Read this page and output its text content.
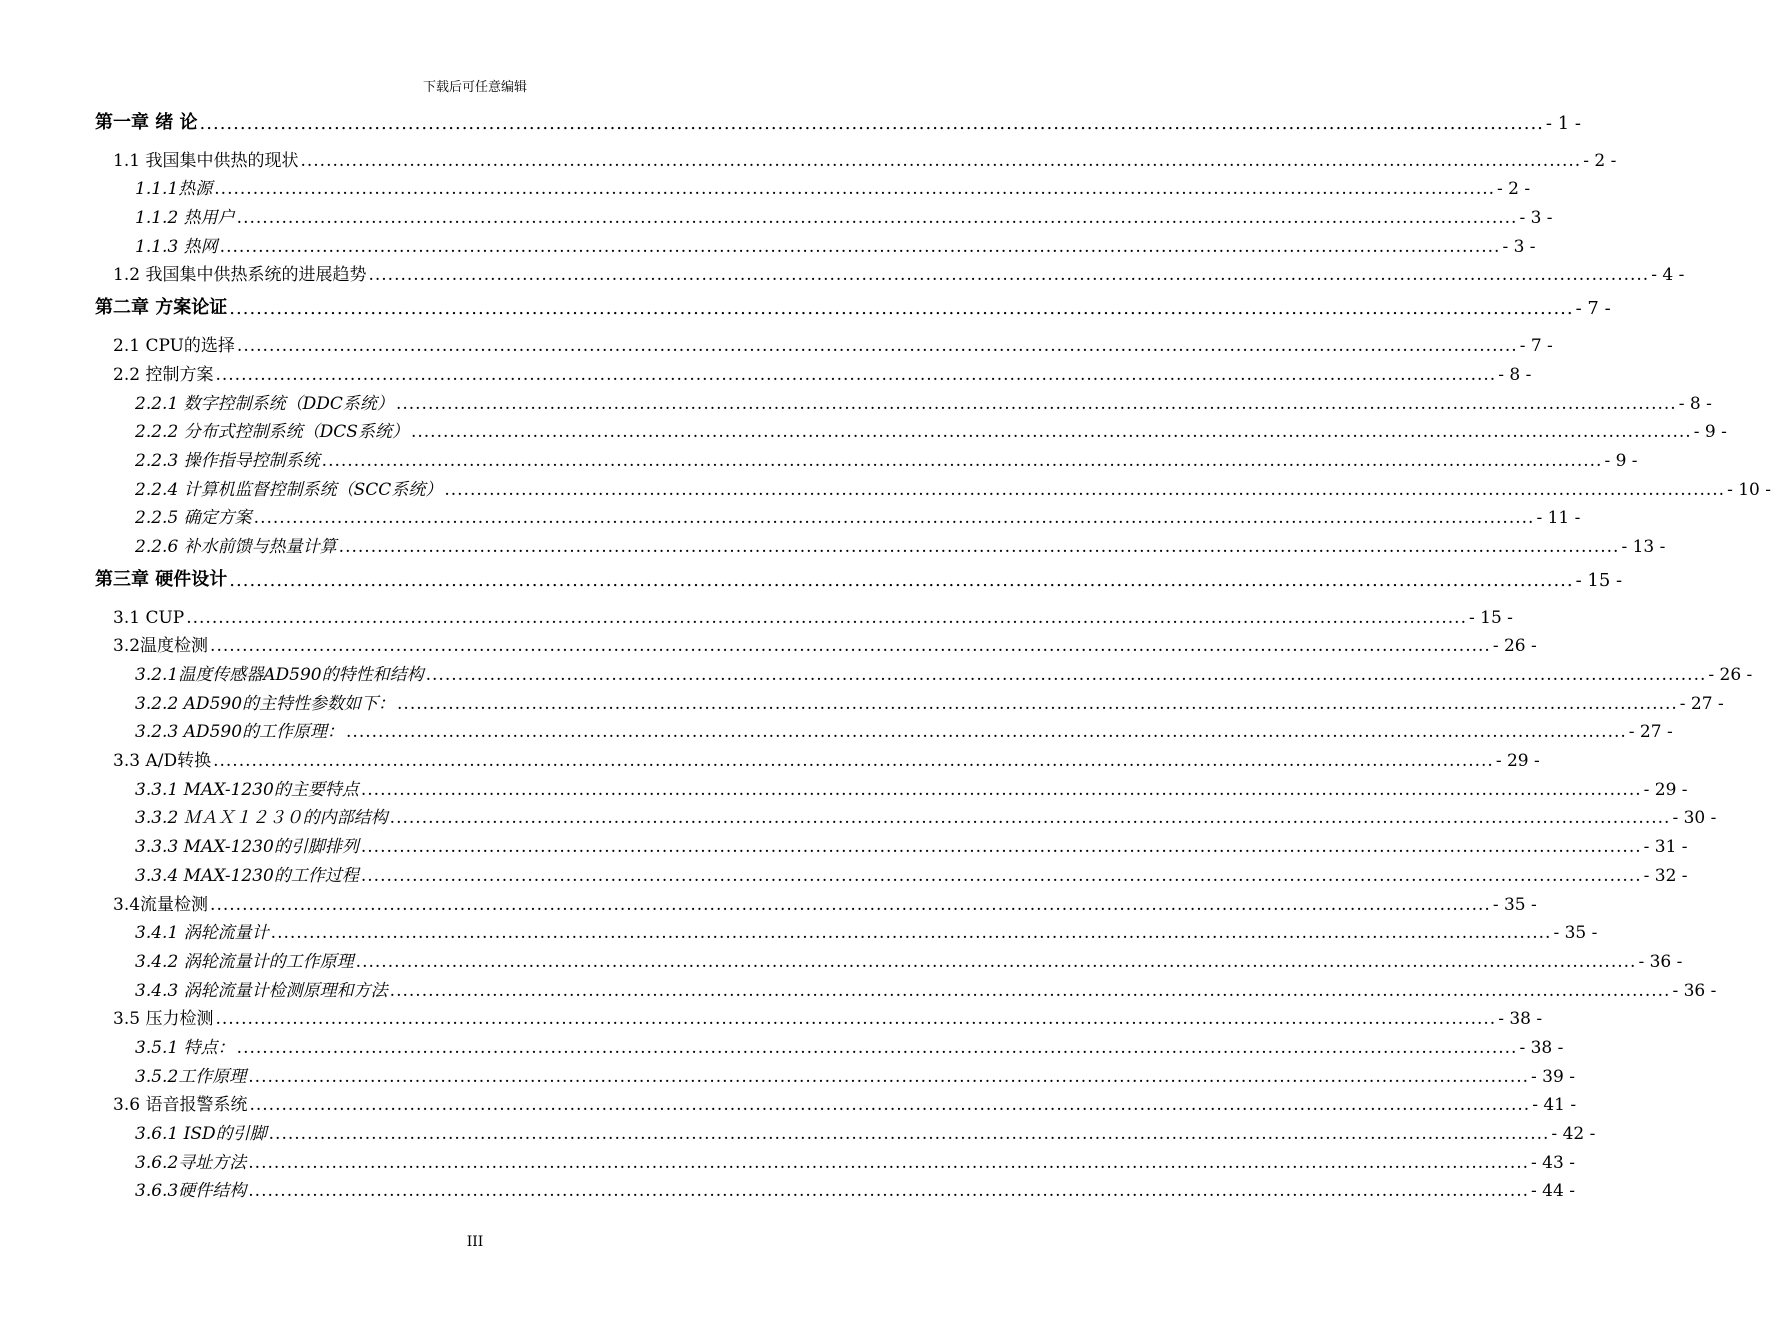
下载后可任意编辑
第一章 绪 论 ........................................................................................................................................................................................................ - 1 -
1.1 我国集中供热的现状 ........................................................................................................................................................................................................ - 2 -
1.1.1热源 ........................................................................................................................................................................................................ - 2 -
1.1.2 热用户 ........................................................................................................................................................................................................ - 3 -
1.1.3 热网 ........................................................................................................................................................................................................ - 3 -
1.2 我国集中供热系统的进展趋势 ........................................................................................................................................................................................................ - 4 -
第二章 方案论证 ........................................................................................................................................................................................................ - 7 -
2.1 CPU的选择 ........................................................................................................................................................................................................ - 7 -
2.2 控制方案 ........................................................................................................................................................................................................ - 8 -
2.2.1 数字控制系统（DDC系统） ........................................................................................................................................................................................................ - 8 -
2.2.2 分布式控制系统（DCS系统） ........................................................................................................................................................................................................ - 9 -
2.2.3 操作指导控制系统 ........................................................................................................................................................................................................ - 9 -
2.2.4 计算机监督控制系统（SCC系统） ........................................................................................................................................................................................................ - 10 -
2.2.5 确定方案 ........................................................................................................................................................................................................ - 11 -
2.2.6 补水前馈与热量计算 ........................................................................................................................................................................................................ - 13 -
第三章 硬件设计 ........................................................................................................................................................................................................ - 15 -
3.1 CUP ........................................................................................................................................................................................................ - 15 -
3.2温度检测 ........................................................................................................................................................................................................ - 26 -
3.2.1温度传感器AD590的特性和结构 ........................................................................................................................................................................................................ - 26 -
3.2.2 AD590的主特性参数如下： ........................................................................................................................................................................................................ - 27 -
3.2.3 AD590的工作原理： ........................................................................................................................................................................................................ - 27 -
3.3 A/D转换 ........................................................................................................................................................................................................ - 29 -
3.3.1 MAX-1230的主要特点 ........................................................................................................................................................................................................ - 29 -
3.3.2 ＭＡＸ１２３０的内部结构 ........................................................................................................................................................................................................ - 30 -
3.3.3 MAX-1230的引脚排列 ........................................................................................................................................................................................................ - 31 -
3.3.4 MAX-1230的工作过程 ........................................................................................................................................................................................................ - 32 -
3.4流量检测 ........................................................................................................................................................................................................ - 35 -
3.4.1 涡轮流量计 ........................................................................................................................................................................................................ - 35 -
3.4.2 涡轮流量计的工作原理 ........................................................................................................................................................................................................ - 36 -
3.4.3 涡轮流量计检测原理和方法 ........................................................................................................................................................................................................ - 36 -
3.5 压力检测 ........................................................................................................................................................................................................ - 38 -
3.5.1 特点： ........................................................................................................................................................................................................ - 38 -
3.5.2工作原理 ........................................................................................................................................................................................................ - 39 -
3.6 语音报警系统 ........................................................................................................................................................................................................ - 41 -
3.6.1 ISD的引脚 ........................................................................................................................................................................................................ - 42 -
3.6.2寻址方法 ........................................................................................................................................................................................................ - 43 -
3.6.3硬件结构 ........................................................................................................................................................................................................ - 44 -
III
